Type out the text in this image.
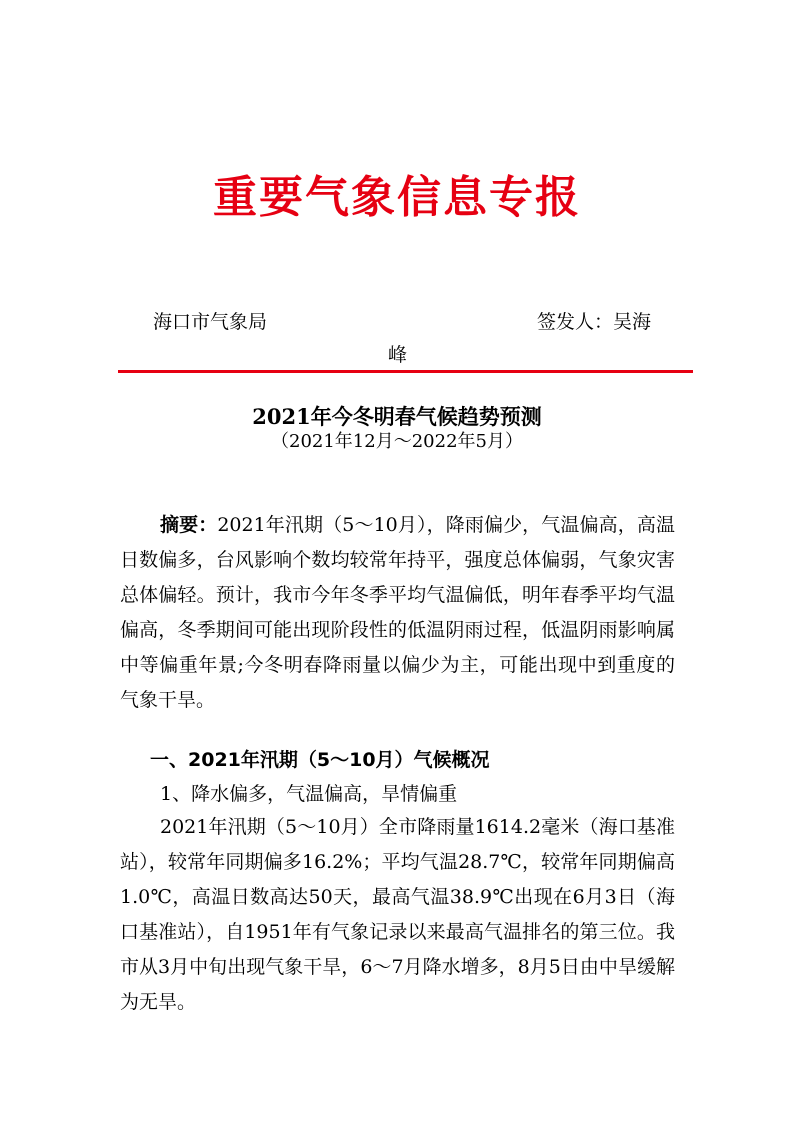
重要气象信息专报
海口市气象局	签发人：吴海
峰
2021年今冬明春气候趋势预测
（2021年12月～2022年5月）
摘要：2021年汛期（5～10月），降雨偏少，气温偏高，高温日数偏多，台风影响个数均较常年持平，强度总体偏弱，气象灾害总体偏轻。预计，我市今年冬季平均气温偏低，明年春季平均气温偏高，冬季期间可能出现阶段性的低温阴雨过程，低温阴雨影响属中等偏重年景;今冬明春降雨量以偏少为主，可能出现中到重度的气象干旱。
一、2021年汛期（5～10月）气候概况
1、降水偏多，气温偏高，旱情偏重
2021年汛期（5～10月）全市降雨量1614.2毫米（海口基准站），较常年同期偏多16.2%；平均气温28.7℃，较常年同期偏高1.0℃，高温日数高达50天，最高气温38.9℃出现在6月3日（海口基准站），自1951年有气象记录以来最高气温排名的第三位。我市从3月中旬出现气象干旱，6～7月降水增多，8月5日由中旱缓解为无旱。
